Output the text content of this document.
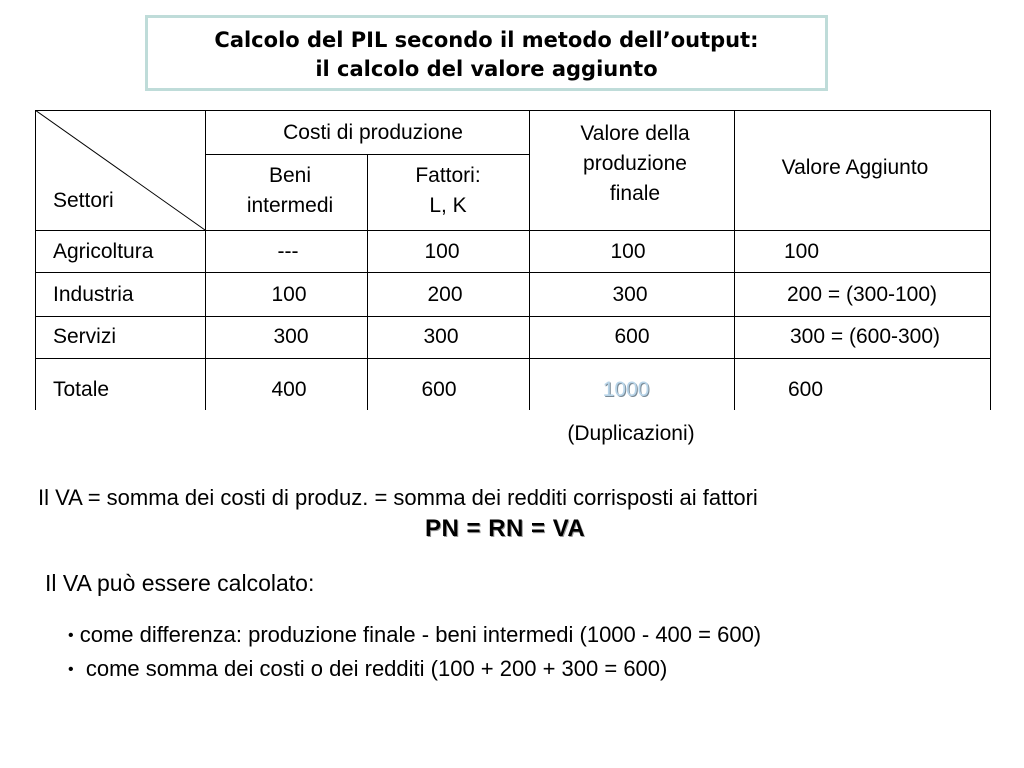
Calcolo del PIL secondo il metodo dell’output:
il calcolo del valore aggiunto
Settori
Costi di produzione
Beni
intermedi
Fattori:
L, K
Valore della
produzione
finale
Valore Aggiunto
Agricoltura	---	100	100	100
Industria	100	200	300	200 = (300-100)
Servizi	300	300	600	300 = (600-300)
Totale	400	600	1000	600
(Duplicazioni)
Il VA = somma dei costi di produz. = somma dei redditi corrisposti ai fattori
PN = RN = VA
Il VA può essere calcolato:
• come differenza: produzione finale - beni intermedi (1000 - 400 = 600)
• come somma dei costi o dei redditi (100 + 200 + 300 = 600)
